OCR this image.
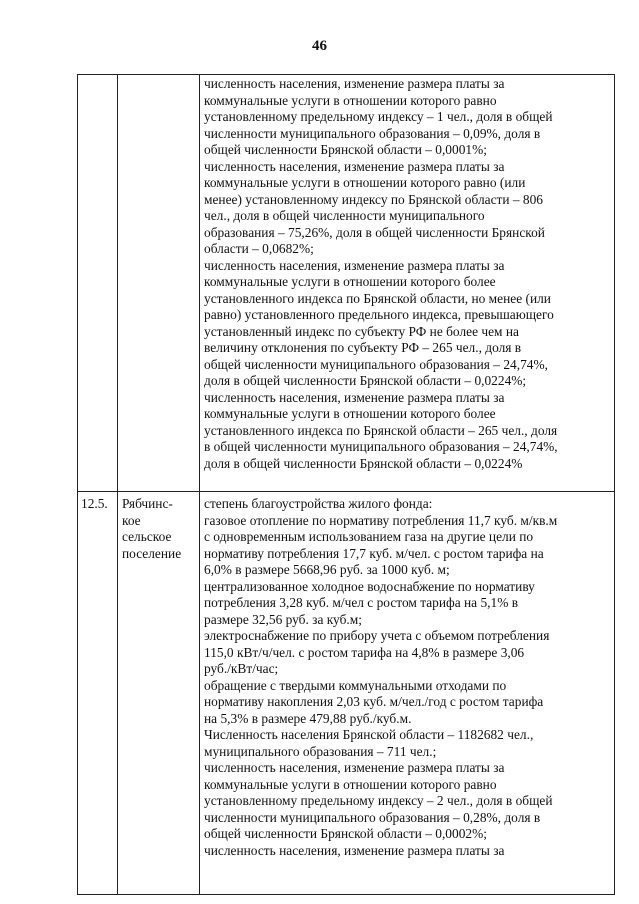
46
численность населения, изменение размера платы за
коммунальные услуги в отношении которого равно
установленному предельному индексу – 1 чел., доля в общей
численности муниципального образования – 0,09%, доля в
общей численности Брянской области – 0,0001%;
численность населения, изменение размера платы за
коммунальные услуги в отношении которого равно (или
менее) установленному индексу по Брянской области – 806
чел., доля в общей численности муниципального
образования – 75,26%, доля в общей численности Брянской
области – 0,0682%;
численность населения, изменение размера платы за
коммунальные услуги в отношении которого более
установленного индекса по Брянской области, но менее (или
равно) установленного предельного индекса, превышающего
установленный индекс по субъекту РФ не более чем на
величину отклонения по субъекту РФ – 265 чел., доля в
общей численности муниципального образования – 24,74%,
доля в общей численности Брянской области – 0,0224%;
численность населения, изменение размера платы за
коммунальные услуги в отношении которого более
установленного индекса по Брянской области – 265 чел., доля
в общей численности муниципального образования – 24,74%,
доля в общей численности Брянской области – 0,0224%
12.5. Рябчинс-
кое
сельское
поселение
степень благоустройства жилого фонда:
газовое отопление по нормативу потребления 11,7 куб. м/кв.м
с одновременным использованием газа на другие цели по
нормативу потребления 17,7 куб. м/чел. с ростом тарифа на
6,0% в размере 5668,96 руб. за 1000 куб. м;
централизованное холодное водоснабжение по нормативу
потребления 3,28 куб. м/чел с ростом тарифа на 5,1% в
размере 32,56 руб. за куб.м;
электроснабжение по прибору учета с объемом потребления
115,0 кВт/ч/чел. с ростом тарифа на 4,8% в размере 3,06
руб./кВт/час;
обращение с твердыми коммунальными отходами по
нормативу накопления 2,03 куб. м/чел./год с ростом тарифа
на 5,3% в размере 479,88 руб./куб.м.
Численность населения Брянской области – 1182682 чел.,
муниципального образования – 711 чел.;
численность населения, изменение размера платы за
коммунальные услуги в отношении которого равно
установленному предельному индексу – 2 чел., доля в общей
численности муниципального образования – 0,28%, доля в
общей численности Брянской области – 0,0002%;
численность населения, изменение размера платы за
